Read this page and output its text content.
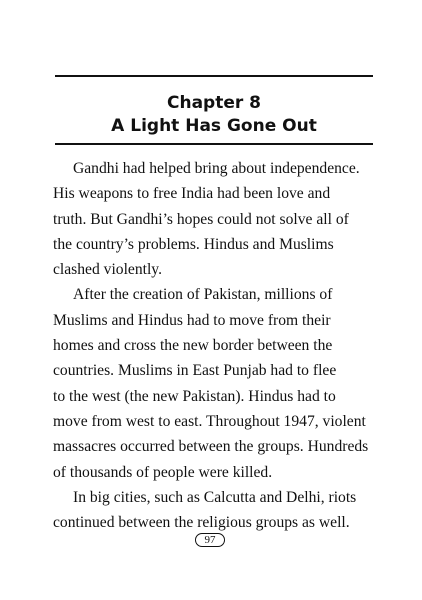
Chapter 8
A Light Has Gone Out
Gandhi had helped bring about independence.
His weapons to free India had been love and
truth. But Gandhi’s hopes could not solve all of
the country’s problems. Hindus and Muslims
clashed violently.
After the creation of Pakistan, millions of
Muslims and Hindus had to move from their
homes and cross the new border between the
countries. Muslims in East Punjab had to flee
to the west (the new Pakistan). Hindus had to
move from west to east. Throughout 1947, violent
massacres occurred between the groups. Hundreds
of thousands of people were killed.
In big cities, such as Calcutta and Delhi, riots
continued between the religious groups as well.
97
